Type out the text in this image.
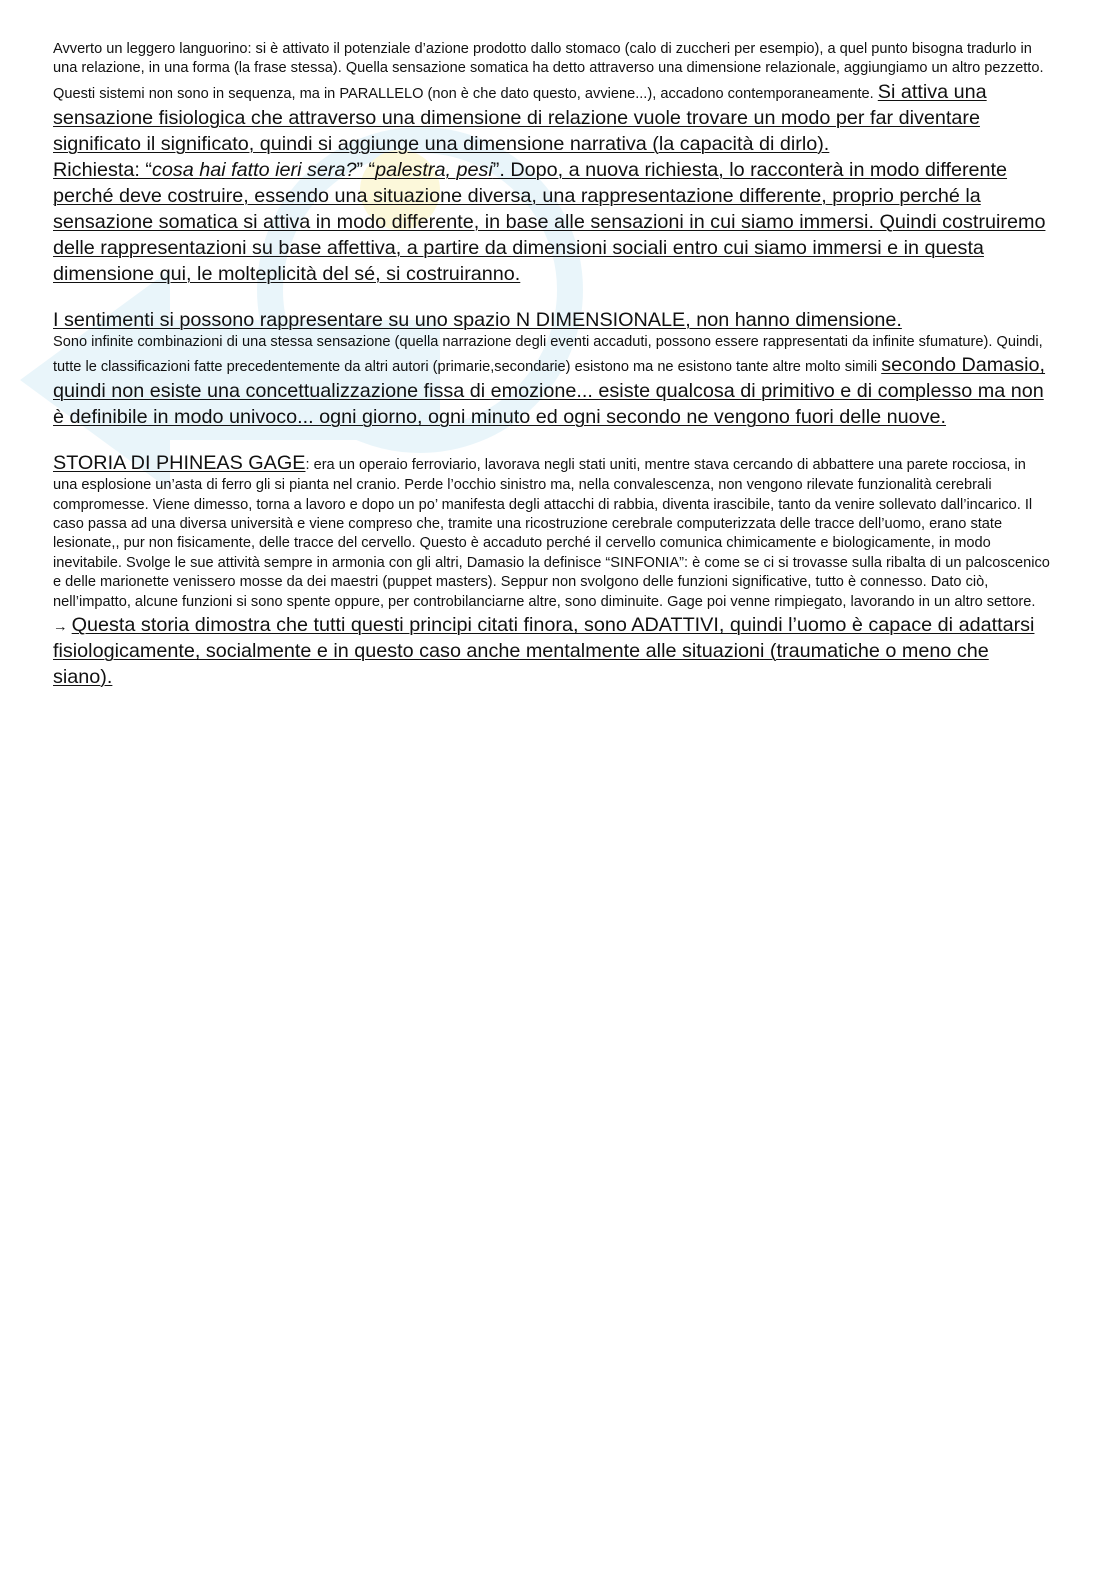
Avverto un leggero languorino: si è attivato il potenziale d’azione prodotto dallo stomaco (calo di zuccheri per esempio), a quel punto bisogna tradurlo in una relazione, in una forma (la frase stessa). Quella sensazione somatica ha detto attraverso una dimensione relazionale, aggiungiamo un altro pezzetto. Questi sistemi non sono in sequenza, ma in PARALLELO (non è che dato questo, avviene...), accadono contemporaneamente. Si attiva una sensazione fisiologica che attraverso una dimensione di relazione vuole trovare un modo per far diventare significato il significato, quindi si aggiunge una dimensione narrativa (la capacità di dirlo).

Richiesta: “cosa hai fatto ieri sera?” “palestra, pesi”. Dopo, a nuova richiesta, lo racconterà in modo differente perché deve costruire, essendo una situazione diversa, una rappresentazione differente, proprio perché la sensazione somatica si attiva in modo differente, in base alle sensazioni in cui siamo immersi. Quindi costruiremo delle rappresentazioni su base affettiva, a partire da dimensioni sociali entro cui siamo immersi e in questa dimensione qui, le molteplicità del sé, si costruiranno.

I sentimenti si possono rappresentare su uno spazio N DIMENSIONALE, non hanno dimensione.
Sono infinite combinazioni di una stessa sensazione (quella narrazione degli eventi accaduti, possono essere rappresentati da infinite sfumature). Quindi, tutte le classificazioni fatte precedentemente da altri autori (primarie,secondarie) esistono ma ne esistono tante altre molto simili secondo Damasio, quindi non esiste una concettualizzazione fissa di emozione... esiste qualcosa di primitivo e di complesso ma non è definibile in modo univoco... ogni giorno, ogni minuto ed ogni secondo ne vengono fuori delle nuove.

STORIA DI PHINEAS GAGE: era un operaio ferroviario, lavorava negli stati uniti, mentre stava cercando di abbattere una parete rocciosa, in una esplosione un’asta di ferro gli si pianta nel cranio. Perde l’occhio sinistro ma, nella convalescenza, non vengono rilevate funzionalità cerebrali compromesse. Viene dimesso, torna a lavoro e dopo un po’ manifesta degli attacchi di rabbia, diventa irascibile, tanto da venire sollevato dall’incarico. Il caso passa ad una diversa università e viene compreso che, tramite una ricostruzione cerebrale computerizzata delle tracce dell’uomo, erano state lesionate,, pur non fisicamente, delle tracce del cervello. Questo è accaduto perché il cervello comunica chimicamente e biologicamente, in modo inevitabile. Svolge le sue attività sempre in armonia con gli altri, Damasio la definisce “SINFONIA”: è come se ci si trovasse sulla ribalta di un palcoscenico e delle marionette venissero mosse da dei maestri (puppet masters). Seppur non svolgono delle funzioni significative, tutto è connesso. Dato ciò, nell’impatto, alcune funzioni si sono spente oppure, per controbilanciarne altre, sono diminuite. Gage poi venne rimpiegato, lavorando in un altro settore. → Questa storia dimostra che tutti questi principi citati finora, sono ADATTIVI, quindi l’uomo è capace di adattarsi fisiologicamente, socialmente e in questo caso anche mentalmente alle situazioni (traumatiche o meno che siano).
